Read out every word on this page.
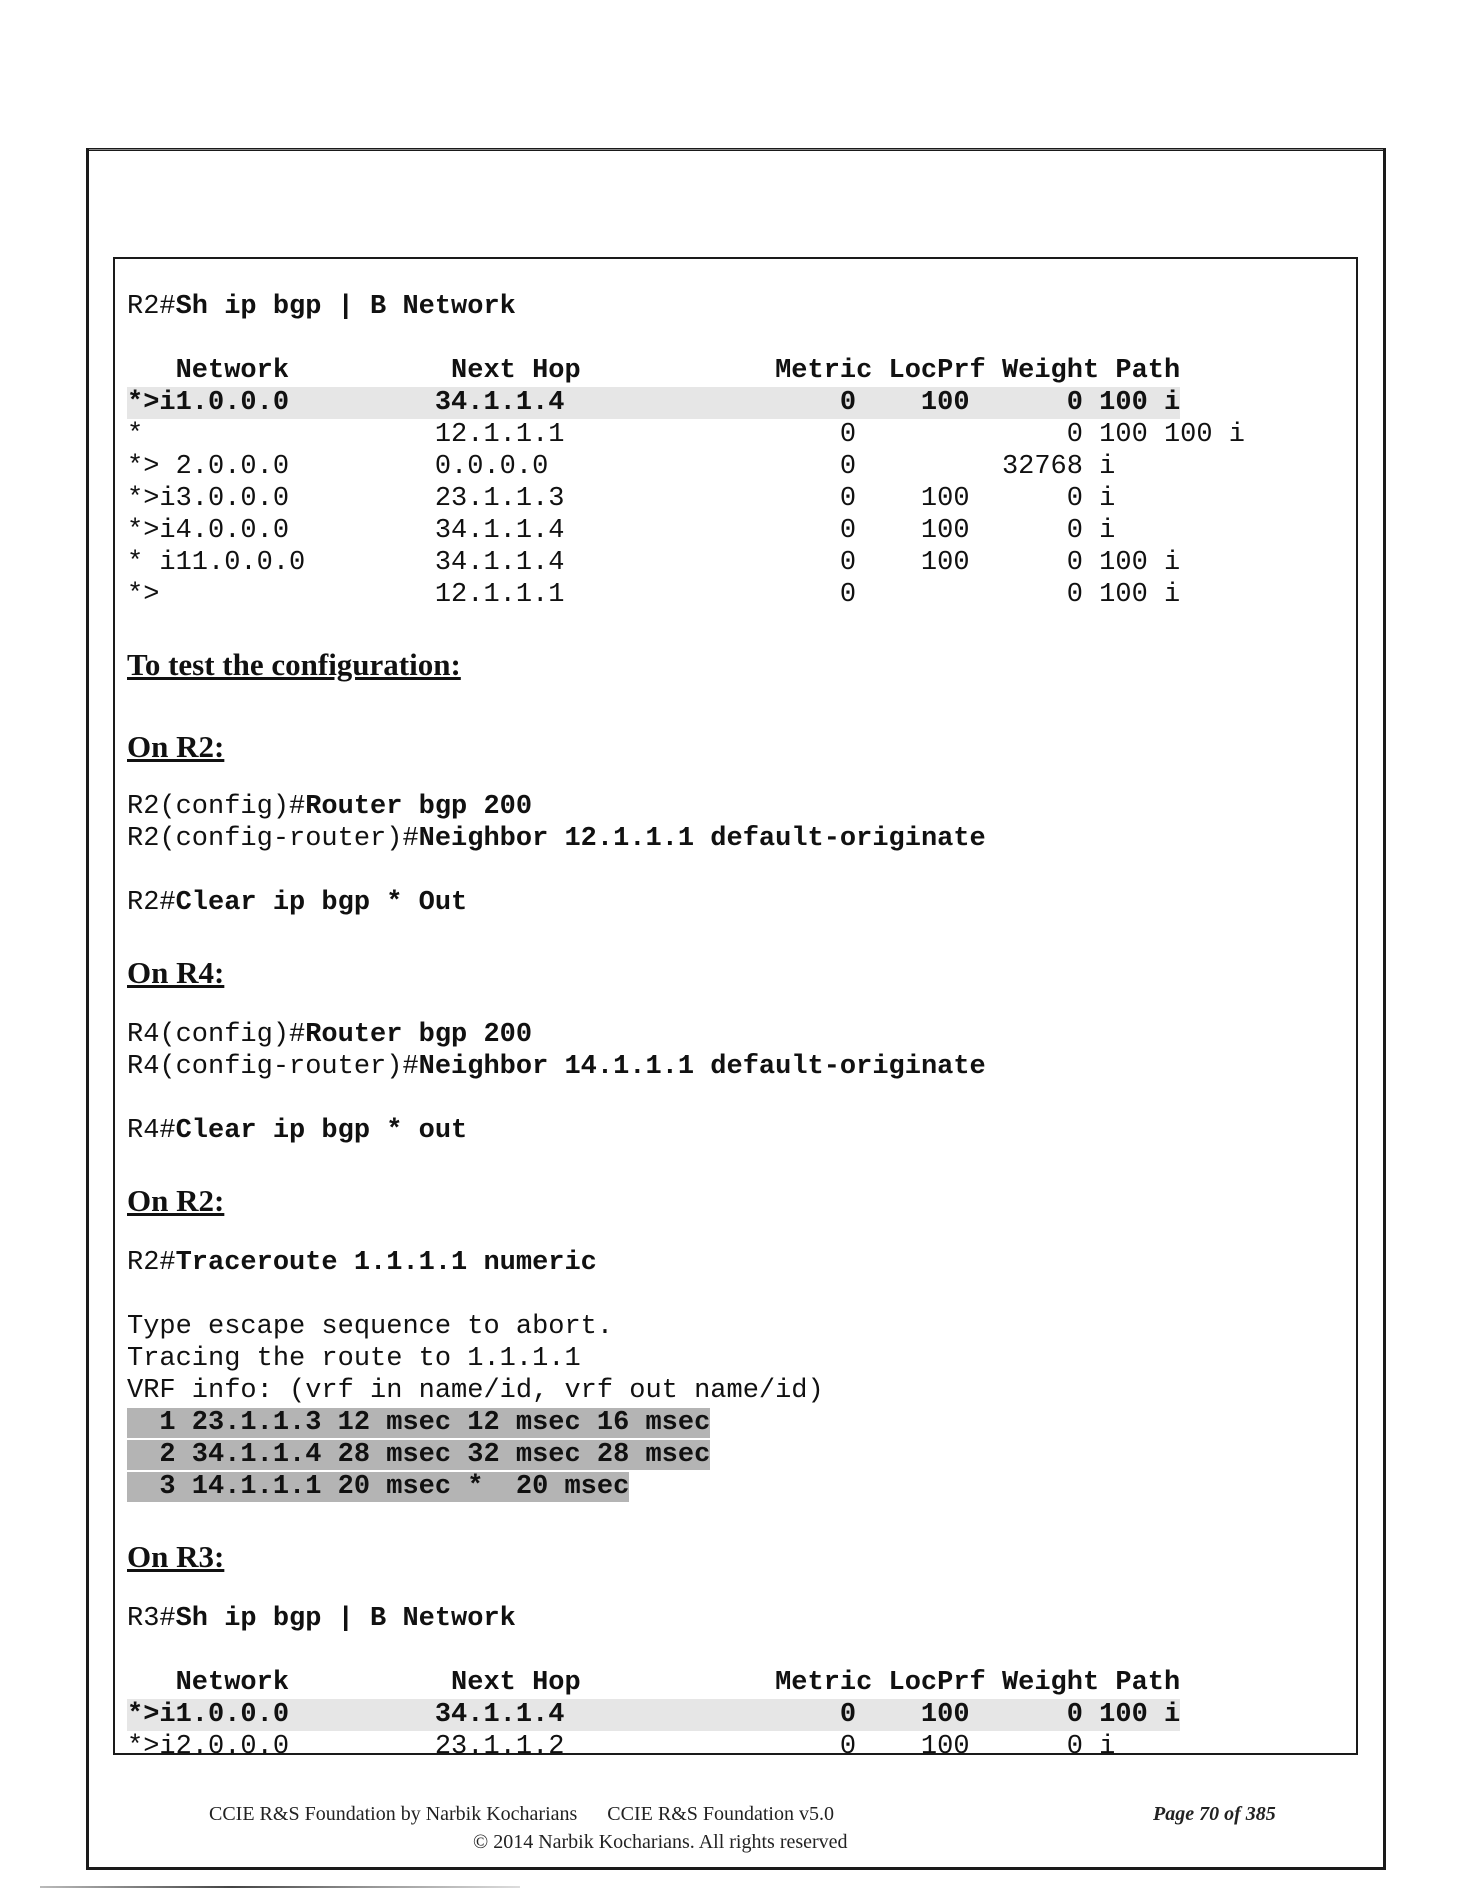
R2#Sh ip bgp | B Network
Network          Next Hop            Metric LocPrf Weight Path
*>i1.0.0.0         34.1.1.4                 0    100      0 100 i
*                  12.1.1.1                 0             0 100 100 i
*> 2.0.0.0         0.0.0.0                  0         32768 i
*>i3.0.0.0         23.1.1.3                 0    100      0 i
*>i4.0.0.0         34.1.1.4                 0    100      0 i
* i11.0.0.0        34.1.1.4                 0    100      0 100 i
*>                 12.1.1.1                 0             0 100 i
To test the configuration:
On R2:
R2(config)#Router bgp 200
R2(config-router)#Neighbor 12.1.1.1 default-originate
R2#Clear ip bgp * Out
On R4:
R4(config)#Router bgp 200
R4(config-router)#Neighbor 14.1.1.1 default-originate
R4#Clear ip bgp * out
On R2:
R2#Traceroute 1.1.1.1 numeric
Type escape sequence to abort.
Tracing the route to 1.1.1.1
VRF info: (vrf in name/id, vrf out name/id)
1 23.1.1.3 12 msec 12 msec 16 msec
2 34.1.1.4 28 msec 32 msec 28 msec
3 14.1.1.1 20 msec *  20 msec
On R3:
R3#Sh ip bgp | B Network
Network          Next Hop            Metric LocPrf Weight Path
*>i1.0.0.0         34.1.1.4                 0    100      0 100 i
*>i2.0.0.0         23.1.1.2                 0    100      0 i
CCIE R&S Foundation by Narbik Kocharians      CCIE R&S Foundation v5.0	Page 70 of 385
© 2014 Narbik Kocharians. All rights reserved
